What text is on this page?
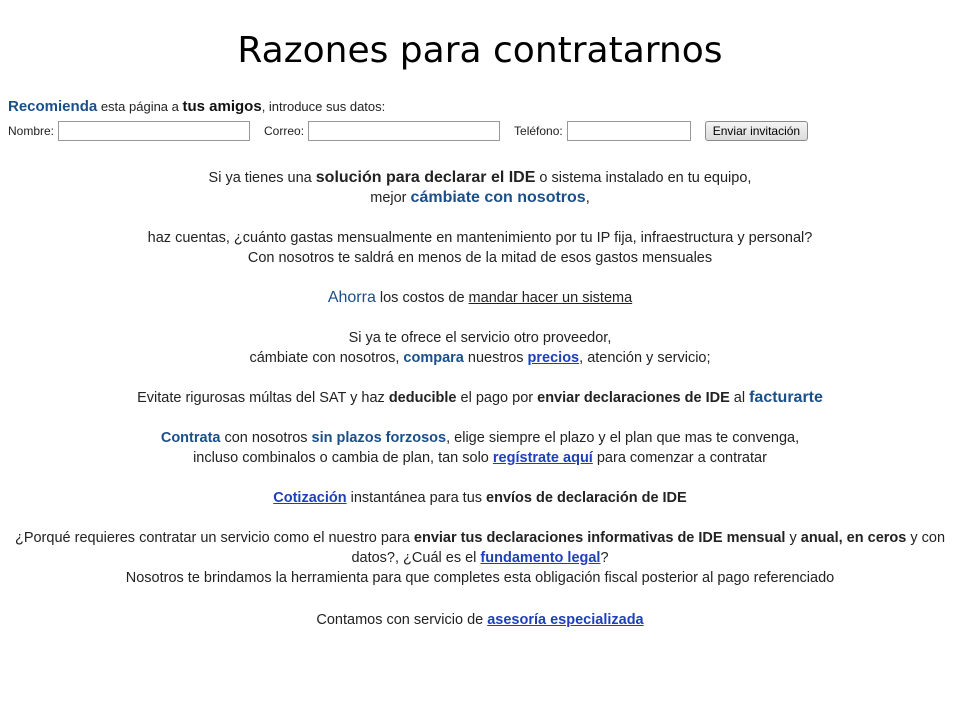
Razones para contratarnos
Recomienda esta página a tus amigos, introduce sus datos:
Nombre:	Correo:	Teléfono:	Enviar invitación

Si ya tienes una solución para declarar el IDE o sistema instalado en tu equipo,
mejor cámbiate con nosotros,

haz cuentas, ¿cuánto gastas mensualmente en mantenimiento por tu IP fija, infraestructura y personal?
Con nosotros te saldrá en menos de la mitad de esos gastos mensuales

Ahorra los costos de mandar hacer un sistema

Si ya te ofrece el servicio otro proveedor,
cámbiate con nosotros, compara nuestros precios, atención y servicio;

Evitate rigurosas múltas del SAT y haz deducible el pago por enviar declaraciones de IDE al facturarte

Contrata con nosotros sin plazos forzosos, elige siempre el plazo y el plan que mas te convenga,
incluso combinalos o cambia de plan, tan solo regístrate aquí para comenzar a contratar

Cotización instantánea para tus envíos de declaración de IDE

¿Porqué requieres contratar un servicio como el nuestro para enviar tus declaraciones informativas de IDE mensual y anual, en ceros y con datos?, ¿Cuál es el fundamento legal?
Nosotros te brindamos la herramienta para que completes esta obligación fiscal posterior al pago referenciado

Contamos con servicio de asesoría especializada
